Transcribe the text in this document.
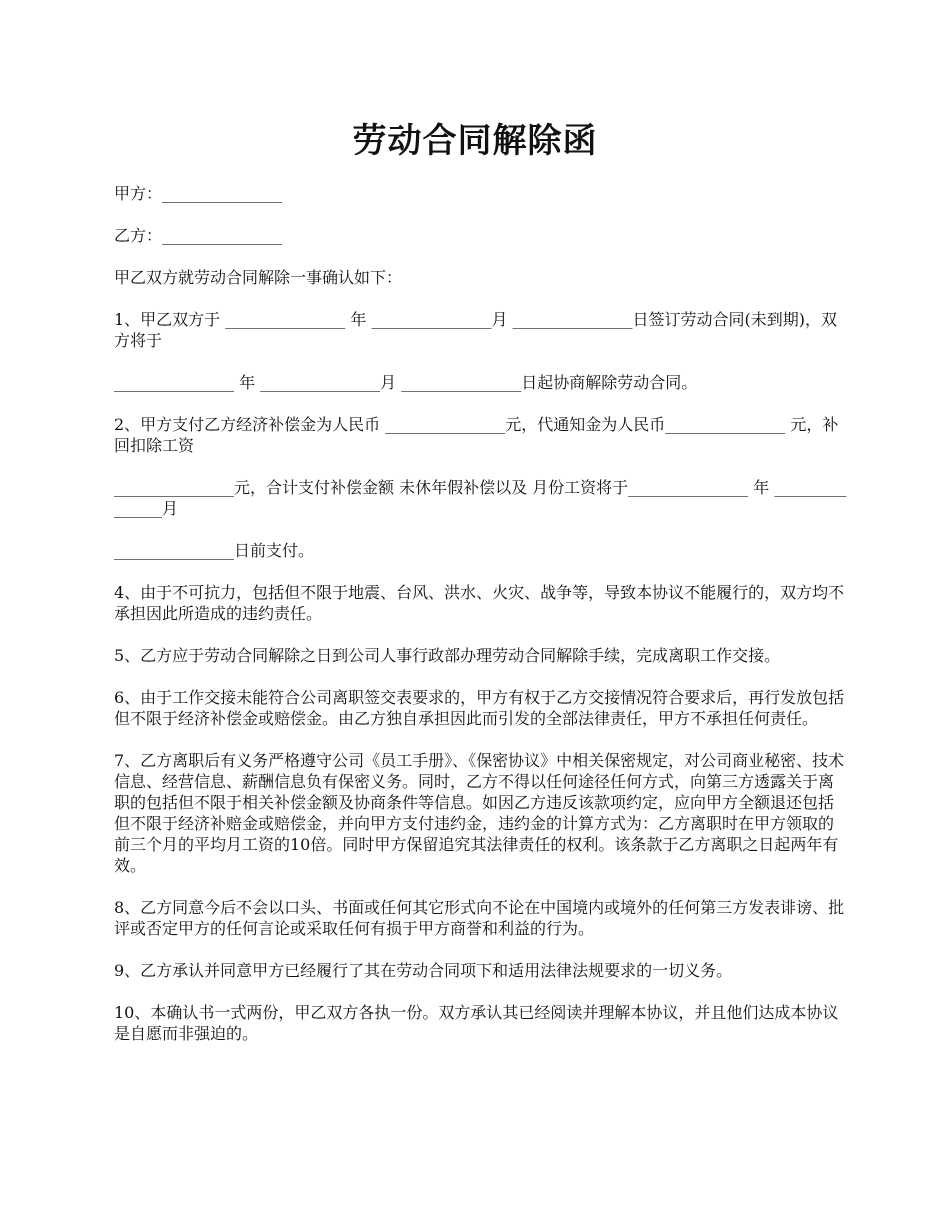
劳动合同解除函

甲方：_______________

乙方：_______________

甲乙双方就劳动合同解除一事确认如下：

1、甲乙双方于 _______________ 年 _______________月 _______________日签订劳动合同(未到期)，双方将于

_______________ 年 _______________月 _______________日起协商解除劳动合同。

2、甲方支付乙方经济补偿金为人民币 _______________元，代通知金为人民币_______________ 元，补回扣除工资

_______________元，合计支付补偿金额 未休年假补偿以及 月份工资将于_______________ 年 _______________月

_______________日前支付。

4、由于不可抗力，包括但不限于地震、台风、洪水、火灾、战争等，导致本协议不能履行的，双方均不承担因此所造成的违约责任。

5、乙方应于劳动合同解除之日到公司人事行政部办理劳动合同解除手续，完成离职工作交接。

6、由于工作交接未能符合公司离职签交表要求的，甲方有权于乙方交接情况符合要求后，再行发放包括但不限于经济补偿金或赔偿金。由乙方独自承担因此而引发的全部法律责任，甲方不承担任何责任。

7、乙方离职后有义务严格遵守公司《员工手册》、《保密协议》中相关保密规定，对公司商业秘密、技术信息、经营信息、薪酬信息负有保密义务。同时，乙方不得以任何途径任何方式，向第三方透露关于离职的包括但不限于相关补偿金额及协商条件等信息。如因乙方违反该款项约定，应向甲方全额退还包括但不限于经济补赔金或赔偿金，并向甲方支付违约金，违约金的计算方式为：乙方离职时在甲方领取的前三个月的平均月工资的10倍。同时甲方保留追究其法律责任的权利。该条款于乙方离职之日起两年有效。

8、乙方同意今后不会以口头、书面或任何其它形式向不论在中国境内或境外的任何第三方发表诽谤、批评或否定甲方的任何言论或采取任何有损于甲方商誉和利益的行为。

9、乙方承认并同意甲方已经履行了其在劳动合同项下和适用法律法规要求的一切义务。

10、本确认书一式两份，甲乙双方各执一份。双方承认其已经阅读并理解本协议，并且他们达成本协议是自愿而非强迫的。
